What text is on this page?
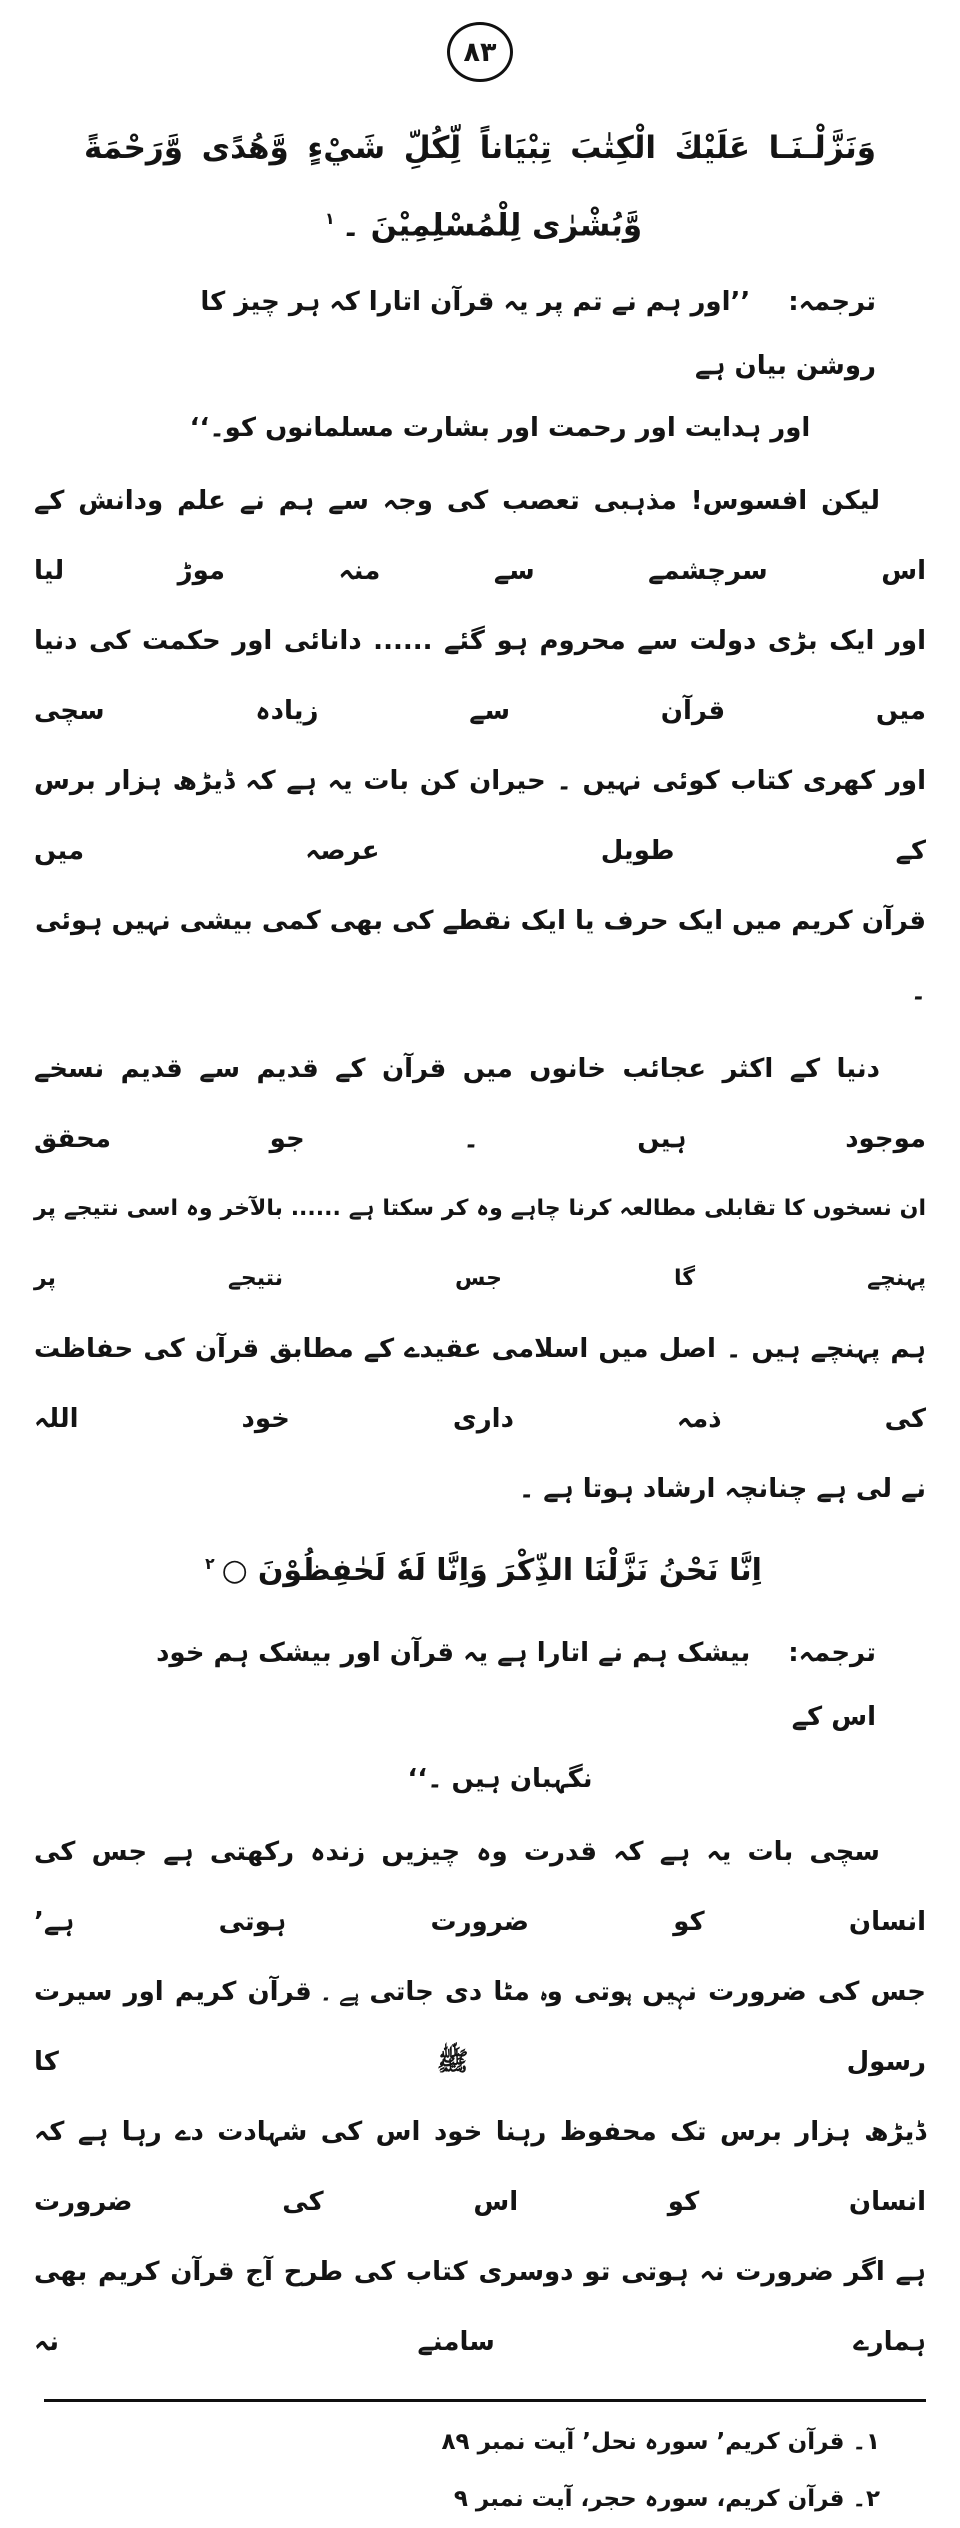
۸۳
وَنَزَّلْـنَـا عَلَيْكَ الْكِتٰبَ تِبْيَاناً لِّكُلِّ شَيْءٍ وَّهُدًى وَّرَحْمَةً
وَّبُشْرٰى لِلْمُسْلِمِيْنَ ۔$^۱$
ترجمہ:’’اور ہم نے تم پر یہ قرآن اتارا کہ ہر چیز کا روشن بیان ہے
اور ہدایت اور رحمت اور بشارت مسلمانوں کو۔‘‘
لیکن افسوس! مذہبی تعصب کی وجہ سے ہم نے علم ودانش کے اس سرچشمے سے منہ موڑ لیا
اور ایک بڑی دولت سے محروم ہو گئے ...... دانائی اور حکمت کی دنیا میں قرآن سے زیادہ سچی
اور کھری کتاب کوئی نہیں ۔ حیران کن بات یہ ہے کہ ڈیڑھ ہزار برس کے طویل عرصہ میں
قرآن کریم میں ایک حرف یا ایک نقطے کی بھی کمی بیشی نہیں ہوئی ۔
دنیا کے اکثر عجائب خانوں میں قرآن کے قدیم سے قدیم نسخے موجود ہیں ۔ جو محقق
ان نسخوں کا تقابلی مطالعہ کرنا چاہے وہ کر سکتا ہے ...... بالآخر وہ اسی نتیجے پر پہنچے گا جس نتیجے پر
ہم پہنچے ہیں ۔ اصل میں اسلامی عقیدے کے مطابق قرآن کی حفاظت کی ذمہ داری خود اللہ
نے لی ہے چنانچہ ارشاد ہوتا ہے ۔
اِنَّا نَحْنُ نَزَّلْنَا الذِّكْرَ وَاِنَّا لَهٗ لَحٰفِظُوْنَ○$^۲$
ترجمہ:بیشک ہم نے اتارا ہے یہ قرآن اور بیشک ہم خود اس کے
نگہبان ہیں ۔‘‘
سچی بات یہ ہے کہ قدرت وہ چیزیں زندہ رکھتی ہے جس کی انسان کو ضرورت ہوتی ہے’
جس کی ضرورت نہیں ہوتی وہ مٹا دی جاتی ہے ۔ قرآن کریم اور سیرت رسول ﷺ کا
ڈیڑھ ہزار برس تک محفوظ رہنا خود اس کی شہادت دے رہا ہے کہ انسان کو اس کی ضرورت
ہے اگر ضرورت نہ ہوتی تو دوسری کتاب کی طرح آج قرآن کریم بھی ہمارے سامنے نہ
۱۔قرآن کریم’ سورہ نحل’ آیت نمبر ۸۹
۲۔قرآن کریم، سورہ حجر، آیت نمبر ۹
